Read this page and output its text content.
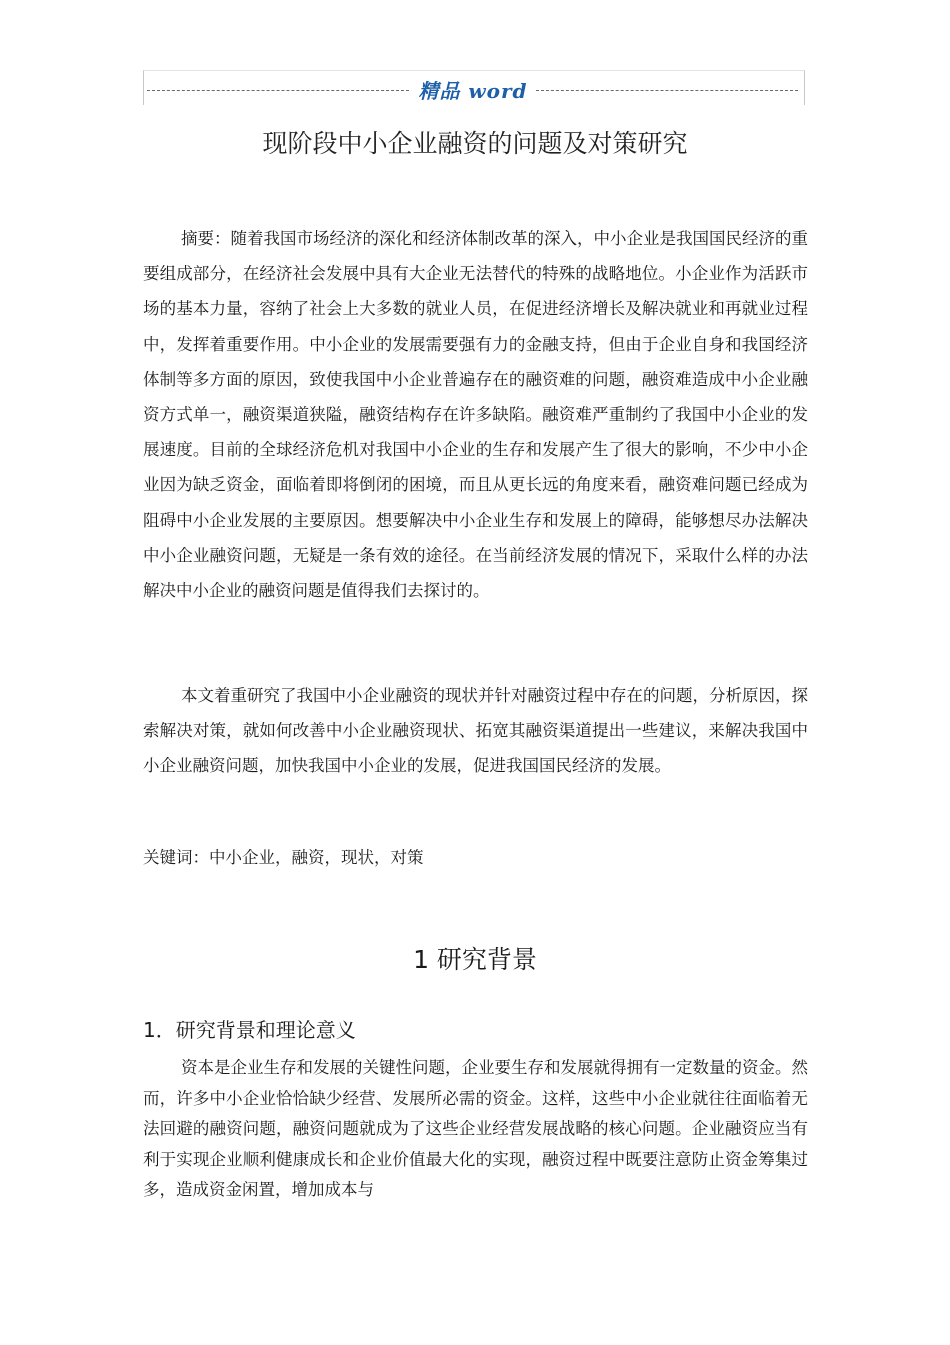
精品 word
现阶段中小企业融资的问题及对策研究

摘要：随着我国市场经济的深化和经济体制改革的深入，中小企业是我国国民经济的重要组成部分，在经济社会发展中具有大企业无法替代的特殊的战略地位。小企业作为活跃市场的基本力量，容纳了社会上大多数的就业人员，在促进经济增长及解决就业和再就业过程中，发挥着重要作用。中小企业的发展需要强有力的金融支持，但由于企业自身和我国经济体制等多方面的原因，致使我国中小企业普遍存在的融资难的问题，融资难造成中小企业融资方式单一，融资渠道狭隘，融资结构存在许多缺陷。融资难严重制约了我国中小企业的发展速度。目前的全球经济危机对我国中小企业的生存和发展产生了很大的影响，不少中小企业因为缺乏资金，面临着即将倒闭的困境，而且从更长远的角度来看，融资难问题已经成为阻碍中小企业发展的主要原因。想要解决中小企业生存和发展上的障碍，能够想尽办法解决中小企业融资问题，无疑是一条有效的途径。在当前经济发展的情况下，采取什么样的办法解决中小企业的融资问题是值得我们去探讨的。

本文着重研究了我国中小企业融资的现状并针对融资过程中存在的问题，分析原因，探索解决对策，就如何改善中小企业融资现状、拓宽其融资渠道提出一些建议，来解决我国中小企业融资问题，加快我国中小企业的发展，促进我国国民经济的发展。

关键词：中小企业，融资，现状，对策
1 研究背景
1．研究背景和理论意义

资本是企业生存和发展的关键性问题，企业要生存和发展就得拥有一定数量的资金。然而，许多中小企业恰恰缺少经营、发展所必需的资金。这样，这些中小企业就往往面临着无法回避的融资问题，融资问题就成为了这些企业经营发展战略的核心问题。企业融资应当有利于实现企业顺利健康成长和企业价值最大化的实现，融资过程中既要注意防止资金筹集过多，造成资金闲置，增加成本与
